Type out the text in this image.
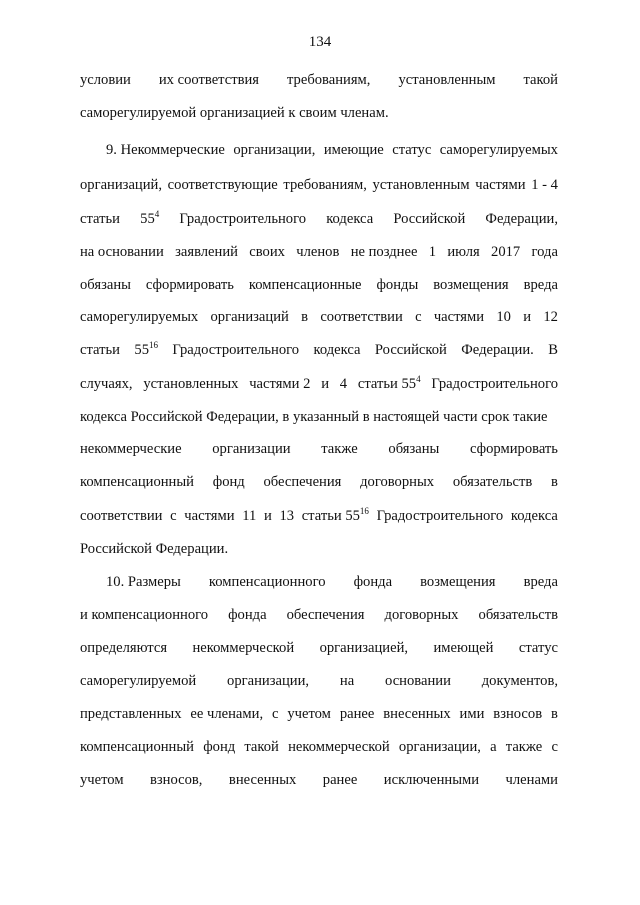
134
условии их соответствия требованиям, установленным такой
саморегулируемой организацией к своим членам.
9. Некоммерческие организации, имеющие статус саморегулируемых
организаций, соответствующие требованиям, установленным частями 1 - 4
статьи $55^4$ Градостроительного кодекса Российской Федерации,
на основании заявлений своих членов не позднее 1 июля 2017 года
обязаны сформировать компенсационные фонды возмещения вреда
саморегулируемых организаций в соответствии с частями 10 и 12
статьи $55^{16}$ Градостроительного кодекса Российской Федерации. В
случаях, установленных частями 2 и 4 статьи $55^4$ Градостроительного
кодекса Российской Федерации, в указанный в настоящей части срок такие
некоммерческие организации также обязаны сформировать
компенсационный фонд обеспечения договорных обязательств в
соответствии с частями 11 и 13 статьи $55^{16}$ Градостроительного кодекса
Российской Федерации.
10. Размеры компенсационного фонда возмещения вреда
и компенсационного фонда обеспечения договорных обязательств
определяются некоммерческой организацией, имеющей статус
саморегулируемой организации, на основании документов,
представленных ее членами, с учетом ранее внесенных ими взносов в
компенсационный фонд такой некоммерческой организации, а также с
учетом взносов, внесенных ранее исключенными членами
